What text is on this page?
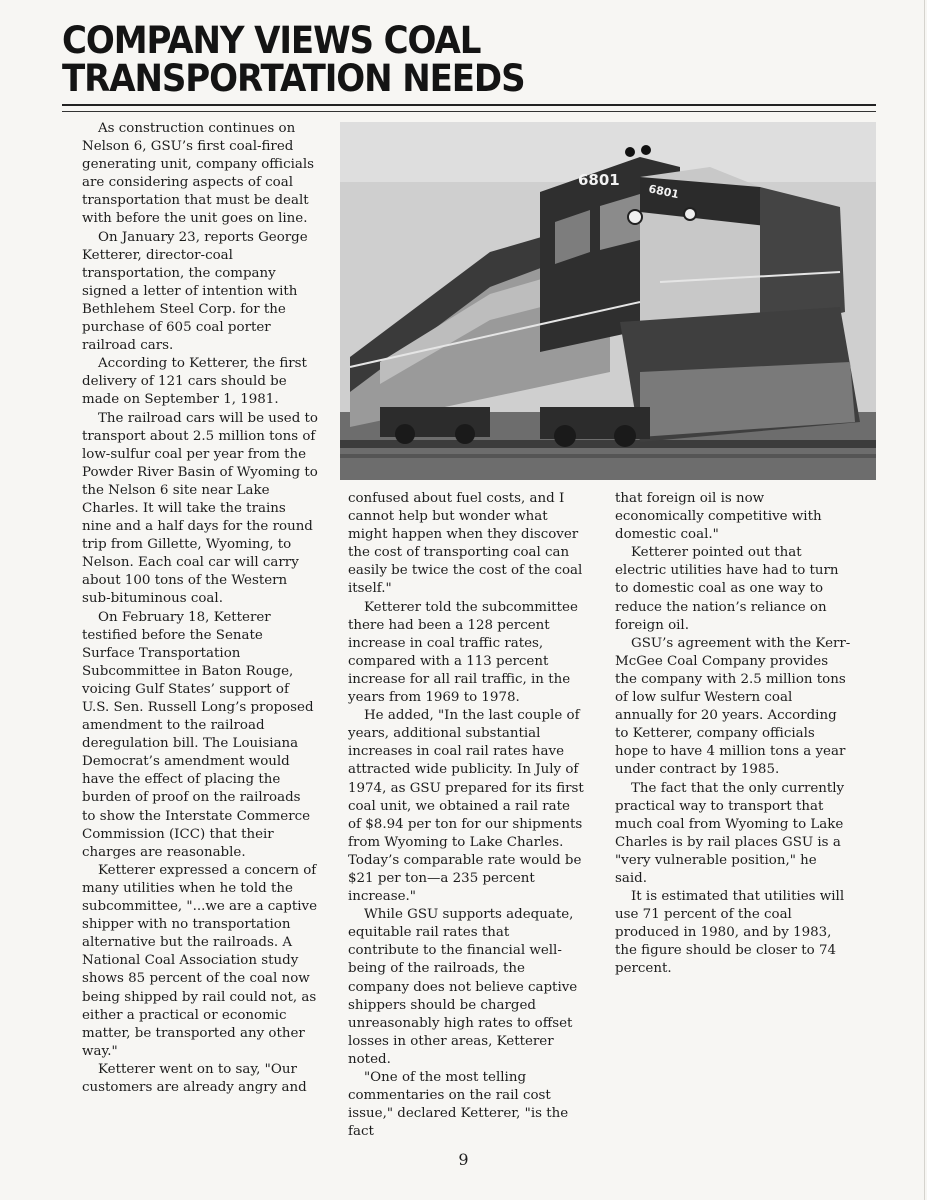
COMPANY VIEWS COAL
TRANSPORTATION NEEDS

As construction continues on Nelson 6, GSU’s first coal-fired generating unit, company officials are considering aspects of coal transportation that must be dealt with before the unit goes on line.

On January 23, reports George Ketterer, director-coal transportation, the company signed a letter of intention with Bethlehem Steel Corp. for the purchase of 605 coal porter railroad cars.

According to Ketterer, the first delivery of 121 cars should be made on September 1, 1981.

The railroad cars will be used to transport about 2.5 million tons of low-sulfur coal per year from the Powder River Basin of Wyoming to the Nelson 6 site near Lake Charles. It will take the trains nine and a half days for the round trip from Gillette, Wyoming, to Nelson. Each coal car will carry about 100 tons of the Western sub-bituminous coal.

On February 18, Ketterer testified before the Senate Surface Transportation Subcommittee in Baton Rouge, voicing Gulf States’ support of U.S. Sen. Russell Long’s proposed amendment to the railroad deregulation bill. The Louisiana Democrat’s amendment would have the effect of placing the burden of proof on the railroads to show the Interstate Commerce Commission (ICC) that their charges are reasonable.

Ketterer expressed a concern of many utilities when he told the subcommittee, "...we are a captive shipper with no transportation alternative but the railroads. A National Coal Association study shows 85 percent of the coal now being shipped by rail could not, as either a practical or economic matter, be transported any other way."

Ketterer went on to say, "Our customers are already angry and

6801
6801

confused about fuel costs, and I cannot help but wonder what might happen when they discover the cost of transporting coal can easily be twice the cost of the coal itself."

Ketterer told the subcommittee there had been a 128 percent increase in coal traffic rates, compared with a 113 percent increase for all rail traffic, in the years from 1969 to 1978.

He added, "In the last couple of years, additional substantial increases in coal rail rates have attracted wide publicity. In July of 1974, as GSU prepared for its first coal unit, we obtained a rail rate of $8.94 per ton for our shipments from Wyoming to Lake Charles. Today’s comparable rate would be $21 per ton—a 235 percent increase."

While GSU supports adequate, equitable rail rates that contribute to the financial well-being of the railroads, the company does not believe captive shippers should be charged unreasonably high rates to offset losses in other areas, Ketterer noted.

"One of the most telling commentaries on the rail cost issue," declared Ketterer, "is the fact

that foreign oil is now economically competitive with domestic coal."

Ketterer pointed out that electric utilities have had to turn to domestic coal as one way to reduce the nation’s reliance on foreign oil.

GSU’s agreement with the Kerr-McGee Coal Company provides the company with 2.5 million tons of low sulfur Western coal annually for 20 years. According to Ketterer, company officials hope to have 4 million tons a year under contract by 1985.

The fact that the only currently practical way to transport that much coal from Wyoming to Lake Charles is by rail places GSU is a "very vulnerable position," he said.

It is estimated that utilities will use 71 percent of the coal produced in 1980, and by 1983, the figure should be closer to 74 percent.

9
